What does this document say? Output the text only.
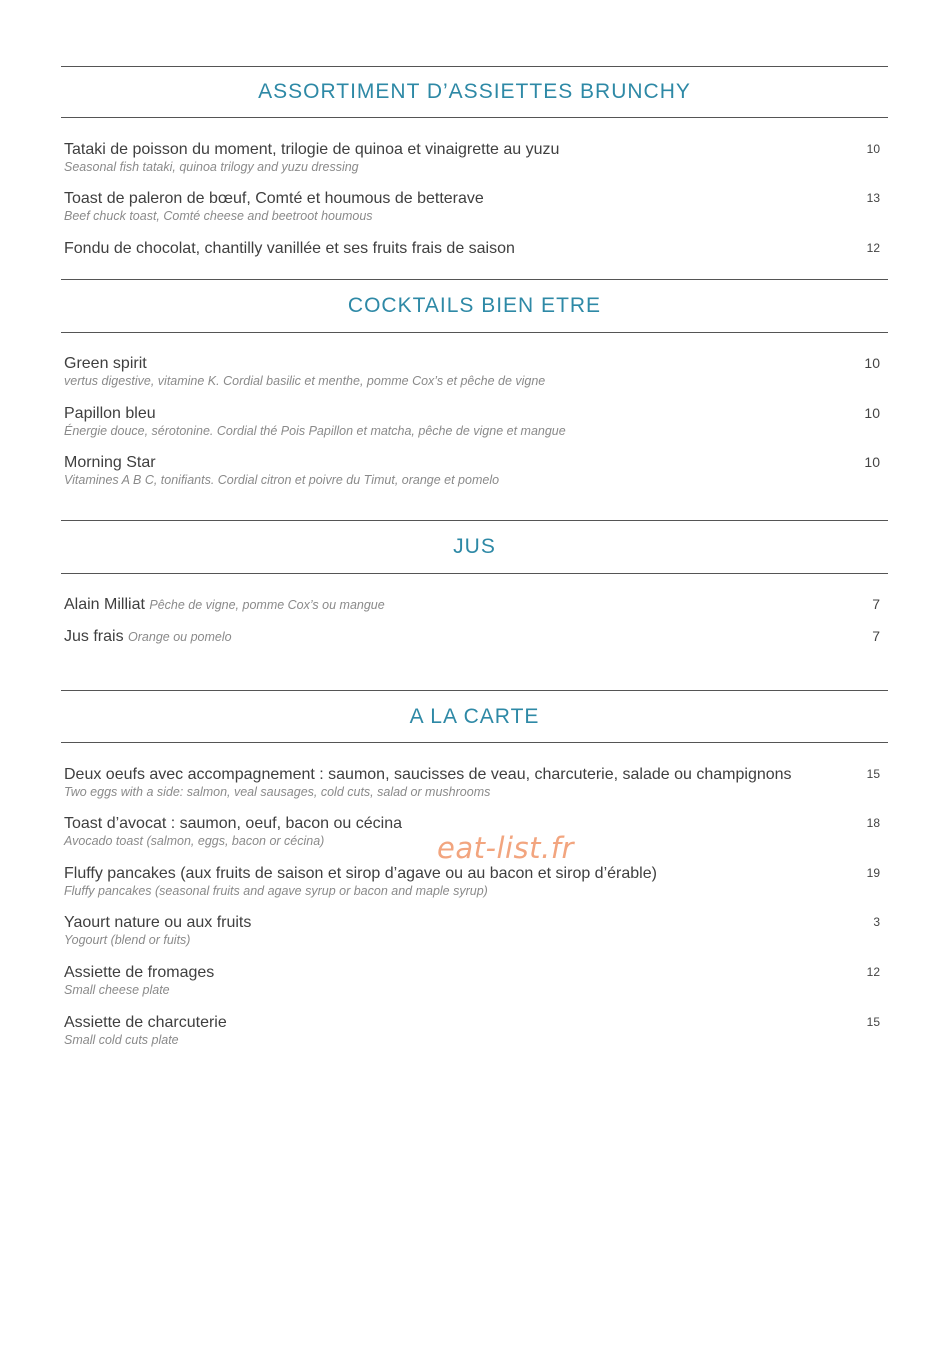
ASSORTIMENT D’ASSIETTES BRUNCHY
Tataki de poisson du moment, trilogie de quinoa et vinaigrette au yuzu
Seasonal fish tataki, quinoa trilogy and yuzu dressing
10
Toast de paleron de bœuf, Comté et houmous de betterave
Beef chuck toast, Comté cheese and beetroot houmous
13
Fondu de chocolat, chantilly vanillée et ses fruits frais de saison	12
COCKTAILS BIEN ETRE
Green spirit
vertus digestive, vitamine K. Cordial basilic et menthe, pomme Cox’s et pêche de vigne
10
Papillon bleu
Énergie douce, sérotonine. Cordial thé Pois Papillon et matcha, pêche de vigne et mangue
10
Morning Star
Vitamines A B C, tonifiants. Cordial citron et poivre du Timut, orange et pomelo
10
JUS
Alain Milliat Pêche de vigne, pomme Cox’s ou mangue	7
Jus frais Orange ou pomelo	7
A LA CARTE
Deux oeufs avec accompagnement : saumon, saucisses de veau, charcuterie, salade ou champignons
Two eggs with a side: salmon, veal sausages, cold cuts, salad or mushrooms
15
Toast d’avocat : saumon, oeuf, bacon ou cécina
Avocado toast (salmon, eggs, bacon or cécina)
18
Fluffy pancakes (aux fruits de saison et sirop d’agave ou au bacon et sirop d’érable)
Fluffy pancakes (seasonal fruits and agave syrup or bacon and maple syrup)
19
Yaourt nature ou aux fruits
Yogourt (blend or fuits)
3
Assiette de fromages
Small cheese plate
12
Assiette de charcuterie
Small cold cuts plate
15
eat-list.fr
